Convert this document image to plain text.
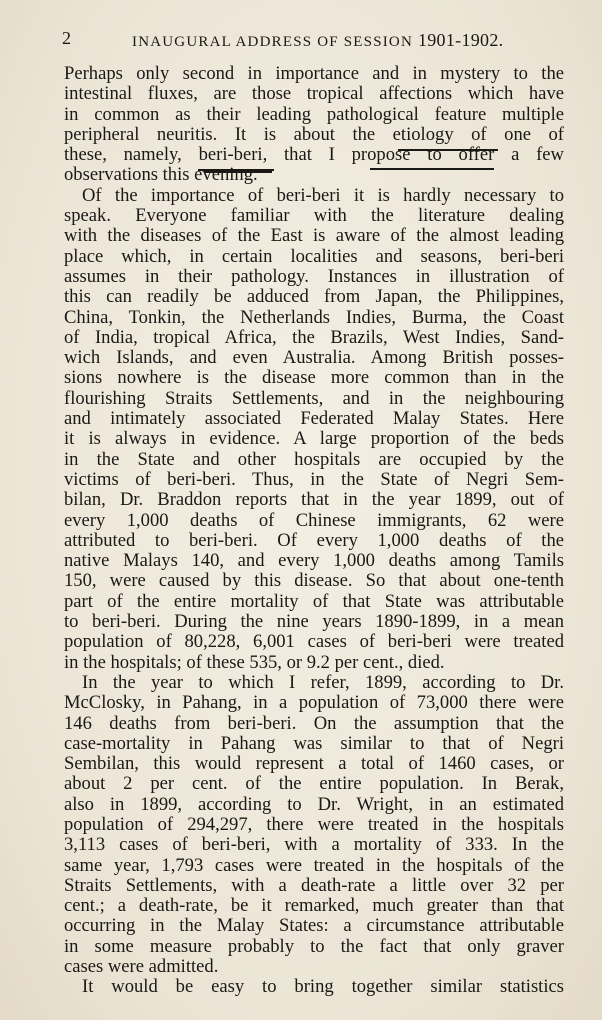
2	INAUGURAL ADDRESS OF SESSION 1901-1902.
Perhaps only second in importance and in mystery to the
intestinal fluxes, are those tropical affections which have
in common as their leading pathological feature multiple
peripheral neuritis. It is about the etiology of one of
these, namely, beri-beri, that I propose to offer a few
observations this evening.
Of the importance of beri-beri it is hardly necessary to
speak. Everyone familiar with the literature dealing
with the diseases of the East is aware of the almost leading
place which, in certain localities and seasons, beri-beri
assumes in their pathology. Instances in illustration of
this can readily be adduced from Japan, the Philippines,
China, Tonkin, the Netherlands Indies, Burma, the Coast
of India, tropical Africa, the Brazils, West Indies, Sand-
wich Islands, and even Australia. Among British posses-
sions nowhere is the disease more common than in the
flourishing Straits Settlements, and in the neighbouring
and intimately associated Federated Malay States. Here
it is always in evidence. A large proportion of the beds
in the State and other hospitals are occupied by the
victims of beri-beri. Thus, in the State of Negri Sem-
bilan, Dr. Braddon reports that in the year 1899, out of
every 1,000 deaths of Chinese immigrants, 62 were
attributed to beri-beri. Of every 1,000 deaths of the
native Malays 140, and every 1,000 deaths among Tamils
150, were caused by this disease. So that about one-tenth
part of the entire mortality of that State was attributable
to beri-beri. During the nine years 1890-1899, in a mean
population of 80,228, 6,001 cases of beri-beri were treated
in the hospitals; of these 535, or 9.2 per cent., died.
In the year to which I refer, 1899, according to Dr.
McClosky, in Pahang, in a population of 73,000 there were
146 deaths from beri-beri. On the assumption that the
case-mortality in Pahang was similar to that of Negri
Sembilan, this would represent a total of 1460 cases, or
about 2 per cent. of the entire population. In Berak,
also in 1899, according to Dr. Wright, in an estimated
population of 294,297, there were treated in the hospitals
3,113 cases of beri-beri, with a mortality of 333. In the
same year, 1,793 cases were treated in the hospitals of the
Straits Settlements, with a death-rate a little over 32 per
cent.; a death-rate, be it remarked, much greater than that
occurring in the Malay States: a circumstance attributable
in some measure probably to the fact that only graver
cases were admitted.
It would be easy to bring together similar statistics
